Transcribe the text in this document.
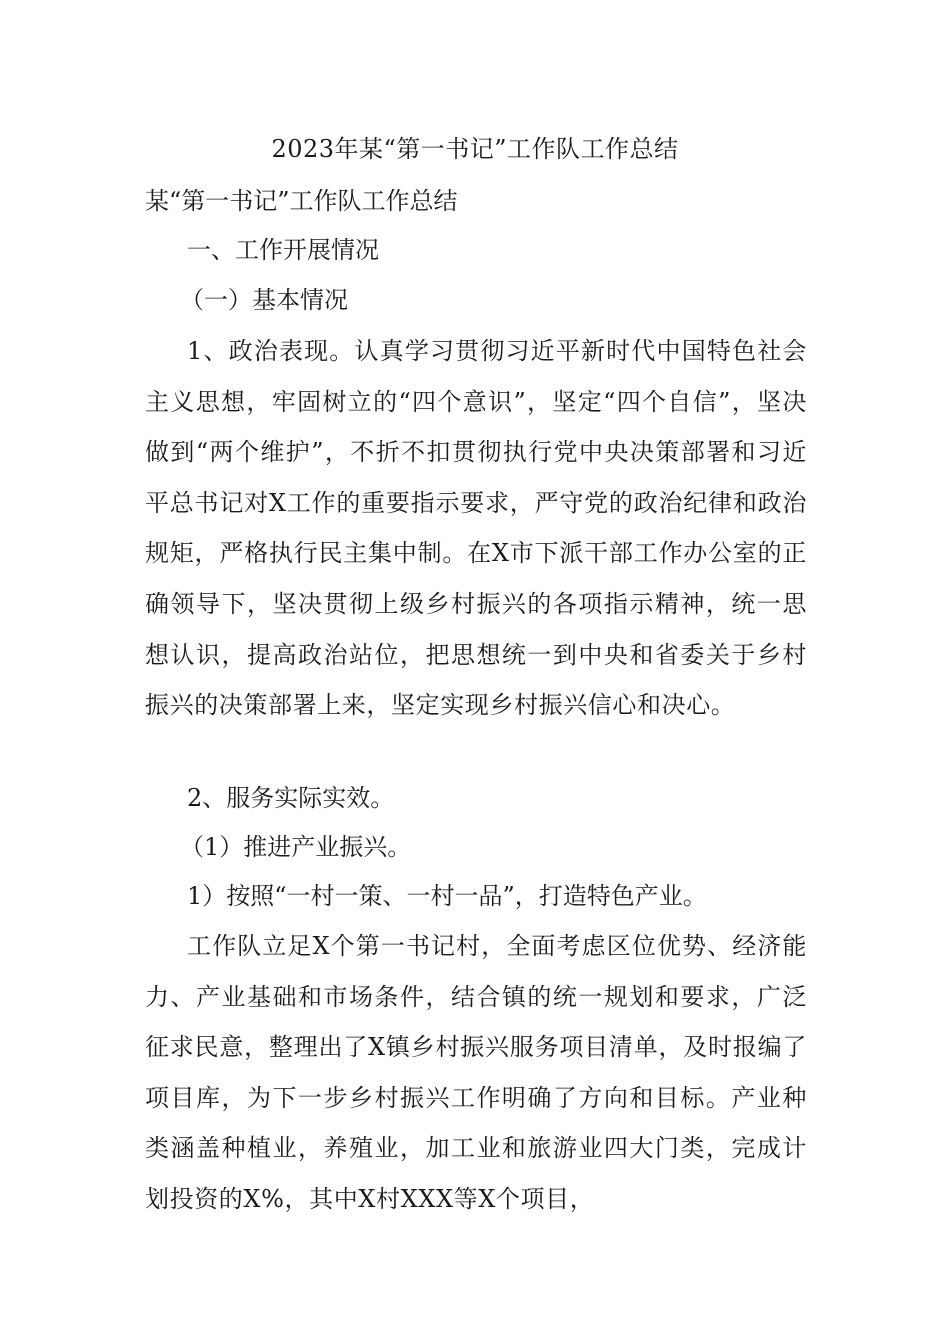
2023年某“第一书记”工作队工作总结
某“第一书记”工作队工作总结
一、工作开展情况
（一）基本情况
1、政治表现。认真学习贯彻习近平新时代中国特色社会主义思想，牢固树立的“四个意识”，坚定“四个自信”，坚决做到“两个维护”，不折不扣贯彻执行党中央决策部署和习近平总书记对X工作的重要指示要求，严守党的政治纪律和政治规矩，严格执行民主集中制。在X市下派干部工作办公室的正确领导下，坚决贯彻上级乡村振兴的各项指示精神，统一思想认识，提高政治站位，把思想统一到中央和省委关于乡村振兴的决策部署上来，坚定实现乡村振兴信心和决心。
2、服务实际实效。
（1）推进产业振兴。
1）按照“一村一策、一村一品”，打造特色产业。
工作队立足X个第一书记村，全面考虑区位优势、经济能力、产业基础和市场条件，结合镇的统一规划和要求，广泛征求民意，整理出了X镇乡村振兴服务项目清单，及时报编了项目库，为下一步乡村振兴工作明确了方向和目标。产业种类涵盖种植业，养殖业，加工业和旅游业四大门类，完成计划投资的X%，其中X村XXX等X个项目，
